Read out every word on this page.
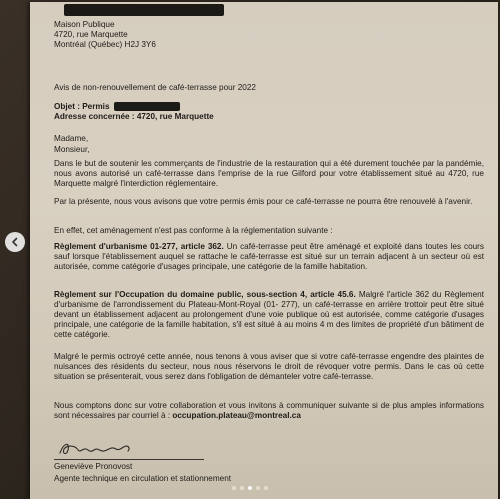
Maison Publique
4720, rue Marquette
Montréal (Québec) H2J 3Y6
Avis de non-renouvellement de café-terrasse pour 2022
Objet : Permis
Adresse concernée : 4720, rue Marquette
Madame,
Monsieur,
Dans le but de soutenir les commerçants de l'industrie de la restauration qui a été durement touchée par la pandémie, nous avons autorisé un café-terrasse dans l'emprise de la rue Gilford pour votre établissement situé au 4720, rue Marquette malgré l'interdiction réglementaire.
Par la présente, nous vous avisons que votre permis émis pour ce café-terrasse ne pourra être renouvelé à l'avenir.
En effet, cet aménagement n'est pas conforme à la réglementation suivante :
Règlement d'urbanisme 01-277, article 362. Un café-terrasse peut être aménagé et exploité dans toutes les cours sauf lorsque l'établissement auquel se rattache le café-terrasse est situé sur un terrain adjacent à un secteur où est autorisée, comme catégorie d'usages principale, une catégorie de la famille habitation.
Règlement sur l'Occupation du domaine public, sous-section 4, article 45.6. Malgré l'article 362 du Règlement d'urbanisme de l'arrondissement du Plateau-Mont-Royal (01- 277), un café-terrasse en arrière trottoir peut être situé devant un établissement adjacent au prolongement d'une voie publique où est autorisée, comme catégorie d'usages principale, une catégorie de la famille habitation, s'il est situé à au moins 4 m des limites de propriété d'un bâtiment de cette catégorie.
Malgré le permis octroyé cette année, nous tenons à vous aviser que si votre café-terrasse engendre des plaintes de nuisances des résidents du secteur, nous nous réservons le droit de révoquer votre permis. Dans le cas où cette situation se présenterait, vous serez dans l'obligation de démanteler votre café-terrasse.
Nous comptons donc sur votre collaboration et vous invitons à communiquer suivante si de plus amples informations sont nécessaires par courriel à : occupation.plateau@montreal.ca
Geneviève Pronovost
Agente technique en circulation et stationnement
